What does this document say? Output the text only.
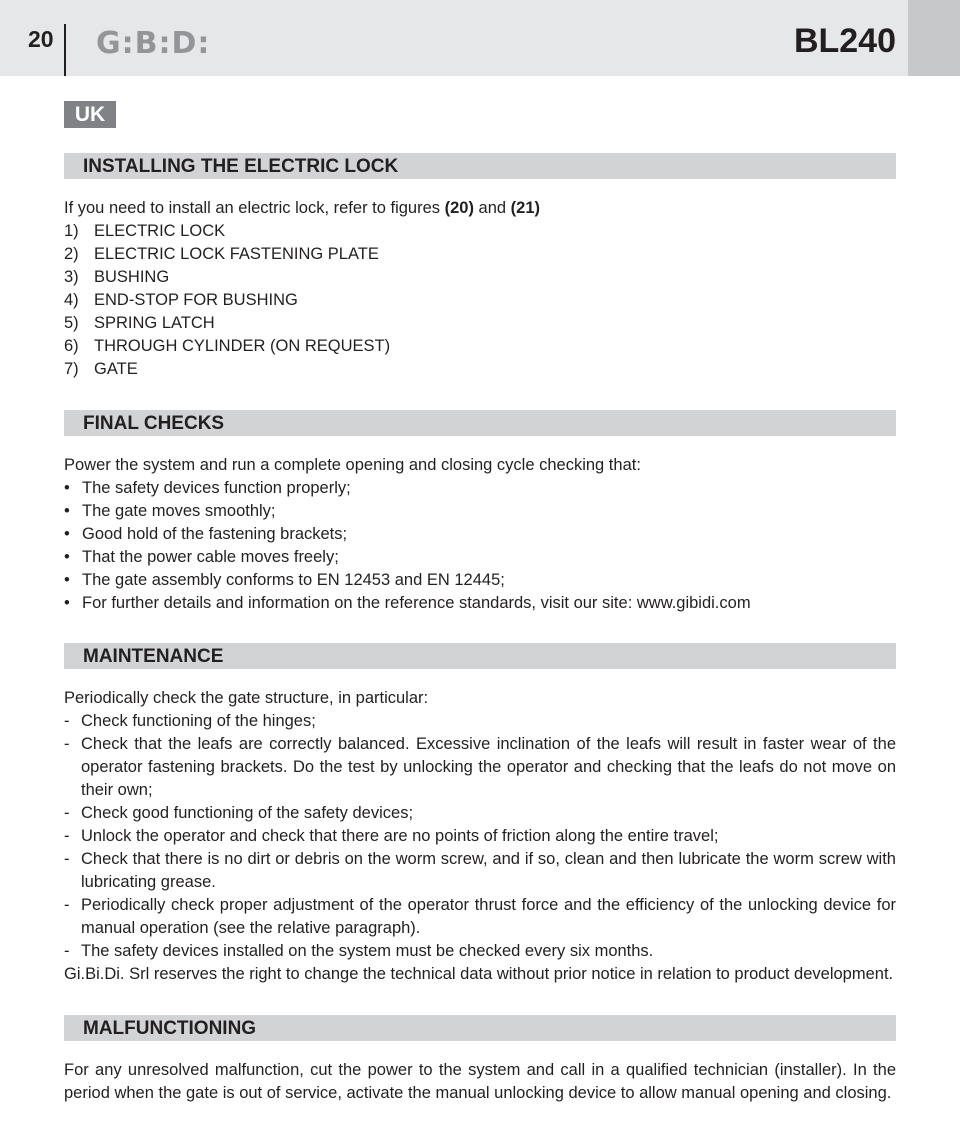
20 G:B:D:	BL240
UK
INSTALLING THE ELECTRIC LOCK

If you need to install an electric lock, refer to figures (20) and (21)

1) ELECTRIC LOCK
2) ELECTRIC LOCK FASTENING PLATE
3) BUSHING
4) END-STOP FOR BUSHING
5) SPRING LATCH
6) THROUGH CYLINDER (ON REQUEST)
7) GATE
FINAL CHECKS

Power the system and run a complete opening and closing cycle checking that:

• The safety devices function properly;
• The gate moves smoothly;
• Good hold of the fastening brackets;
• That the power cable moves freely;
• The gate assembly conforms to EN 12453 and EN 12445;
• For further details and information on the reference standards, visit our site: www.gibidi.com
MAINTENANCE

Periodically check the gate structure, in particular:

- Check functioning of the hinges;
- Check that the leafs are correctly balanced. Excessive inclination of the leafs will result in faster wear of the operator fastening brackets. Do the test by unlocking the operator and checking that the leafs do not move on their own;
- Check good functioning of the safety devices;
- Unlock the operator and check that there are no points of friction along the entire travel;
- Check that there is no dirt or debris on the worm screw, and if so, clean and then lubricate the worm screw with lubricating grease.
- Periodically check proper adjustment of the operator thrust force and the efficiency of the unlocking device for manual operation (see the relative paragraph).
- The safety devices installed on the system must be checked every six months.

Gi.Bi.Di. Srl reserves the right to change the technical data without prior notice in relation to product development.

MALFUNCTIONING

For any unresolved malfunction, cut the power to the system and call in a qualified technician (installer). In the period when the gate is out of service, activate the manual unlocking device to allow manual opening and closing.
